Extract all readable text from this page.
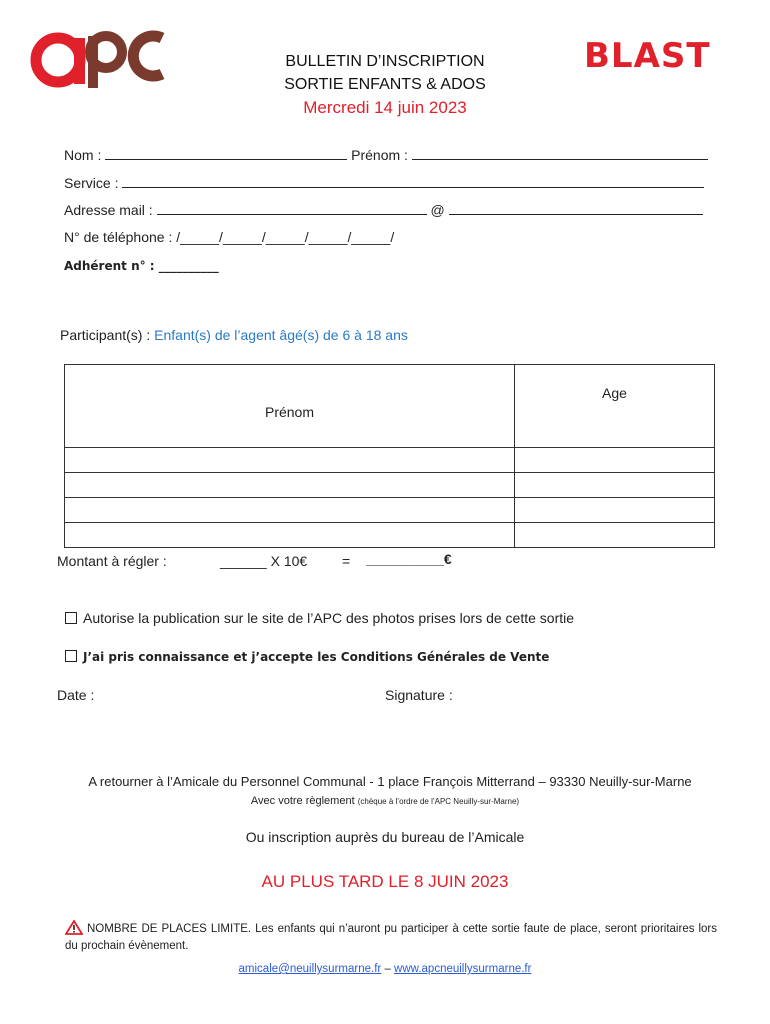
BLAST
BULLETIN D’INSCRIPTION
SORTIE ENFANTS & ADOS
Mercredi 14 juin 2023
Nom :	Prénom :
Service :
Adresse mail :	@
N° de téléphone : /_____/_____/_____/_____/_____/
Adhérent n° : __________
Participant(s) : Enfant(s) de l’agent âgé(s) de 6 à 18 ans
Prénom	Age

Montant à régler :	______ X 10€ = __________€
Autorise la publication sur le site de l’APC des photos prises lors de cette sortie
J’ai pris connaissance et j’accepte les Conditions Générales de Vente
Date :	Signature :
A retourner à l’Amicale du Personnel Communal - 1 place François Mitterrand – 93330 Neuilly-sur-Marne
Avec votre règlement (chèque à l’ordre de l’APC Neuilly-sur-Marne)
Ou inscription auprès du bureau de l’Amicale
AU PLUS TARD LE 8 JUIN 2023
NOMBRE DE PLACES LIMITE. Les enfants qui n’auront pu participer à cette sortie faute de place, seront prioritaires lors du prochain évènement.
amicale@neuillysurmarne.fr – www.apcneuillysurmarne.fr
